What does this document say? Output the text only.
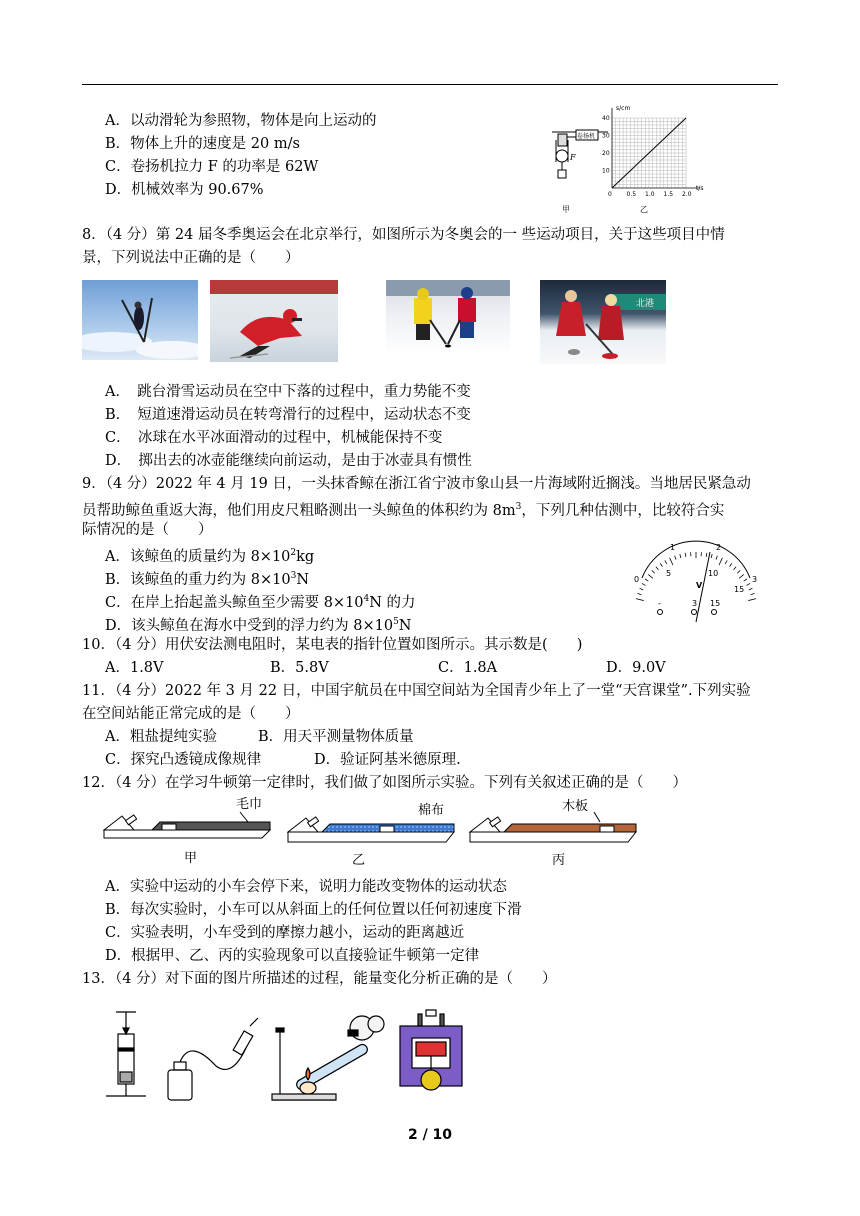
A．以动滑轮为参照物，物体是向上运动的
B．物体上升的速度是 20 m/s
C．卷扬机拉力 F 的功率是 62W
D．机械效率为 90.67%
卷扬机
F
甲	乙
s/cm
t/s
0 0.5 1.0 1.5 2.0
10
20
30
40
8．（4 分）第 24 届冬季奥运会在北京举行，如图所示为冬奥会的一 些运动项目，关于这些项目中情
景，下列说法中正确的是（　　）
北港
A．　跳台滑雪运动员在空中下落的过程中，重力势能不变
B．　短道速滑运动员在转弯滑行的过程中，运动状态不变
C．　冰球在水平冰面滑动的过程中，机械能保持不变
D．　掷出去的冰壶能继续向前运动，是由于冰壶具有惯性
9．（4 分）2022 年 4 月 19 日，一头抹香鲸在浙江省宁波市象山县一片海域附近搁浅。当地居民紧急动
员帮助鲸鱼重返大海，他们用皮尺粗略测出一头鲸鱼的体积约为 $8m^3$，下列几种估测中，比较符合实
际情况的是（　　）
A．该鲸鱼的质量约为 $8\times 10^2kg$
B．该鲸鱼的重力约为 $8\times 10^3N$
C．在岸上抬起盖头鲸鱼至少需要 $8\times 10^4N$ 的力
D．该头鲸鱼在海水中受到的浮力约为 $8\times 10^5N$
0
1	2
3
5	10
15
V
-	3 15
10．（4 分）用伏安法测电阻时，某电表的指针位置如图所示。其示数是(　　)
A．1.8V	B．5.8V	C．1.8A	D．9.0V
11．（4 分）2022 年 3 月 22 日，中国宇航员在中国空间站为全国青少年上了一堂“天宫课堂”.下列实验
在空间站能正常完成的是（　　）
A．粗盐提纯实验	B．用天平测量物体质量
C．探究凸透镜成像规律	D．验证阿基米德原理.
12．（4 分）在学习牛顿第一定律时，我们做了如图所示实验。下列有关叙述正确的是（　　）
毛巾
甲
棉布
乙
木板
丙
A．实验中运动的小车会停下来，说明力能改变物体的运动状态
B．每次实验时，小车可以从斜面上的任何位置以任何初速度下滑
C．实验表明，小车受到的摩擦力越小，运动的距离越近
D．根据甲、乙、丙的实验现象可以直接验证牛顿第一定律
13．（4 分）对下面的图片所描述的过程，能量变化分析正确的是（　　）
2 / 10
